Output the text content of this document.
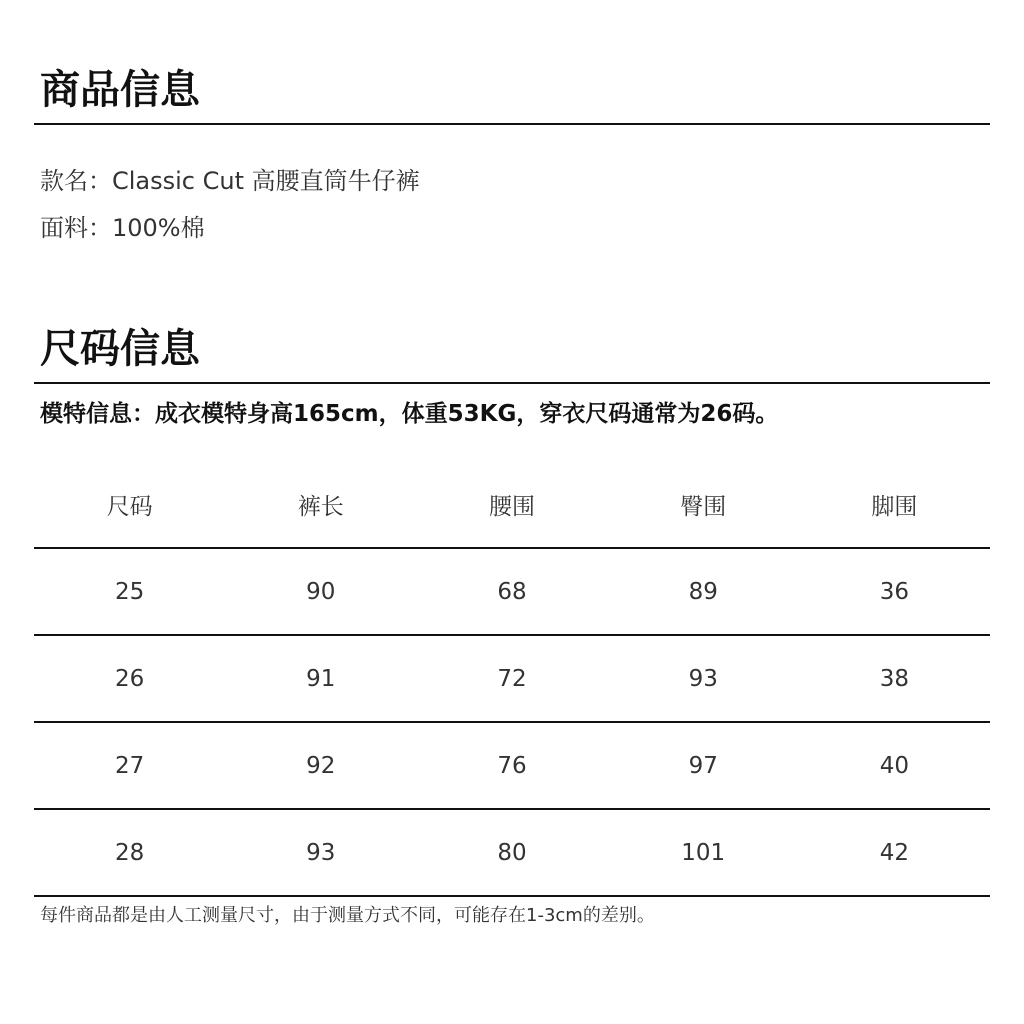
商品信息
款名：Classic Cut 高腰直筒牛仔裤
面料：100%棉
尺码信息
模特信息：成衣模特身高165cm，体重53KG，穿衣尺码通常为26码。
尺码	裤长	腰围	臀围	脚围
25	90	68	89	36
26	91	72	93	38
27	92	76	97	40
28	93	80	101	42
每件商品都是由人工测量尺寸，由于测量方式不同，可能存在1-3cm的差别。
